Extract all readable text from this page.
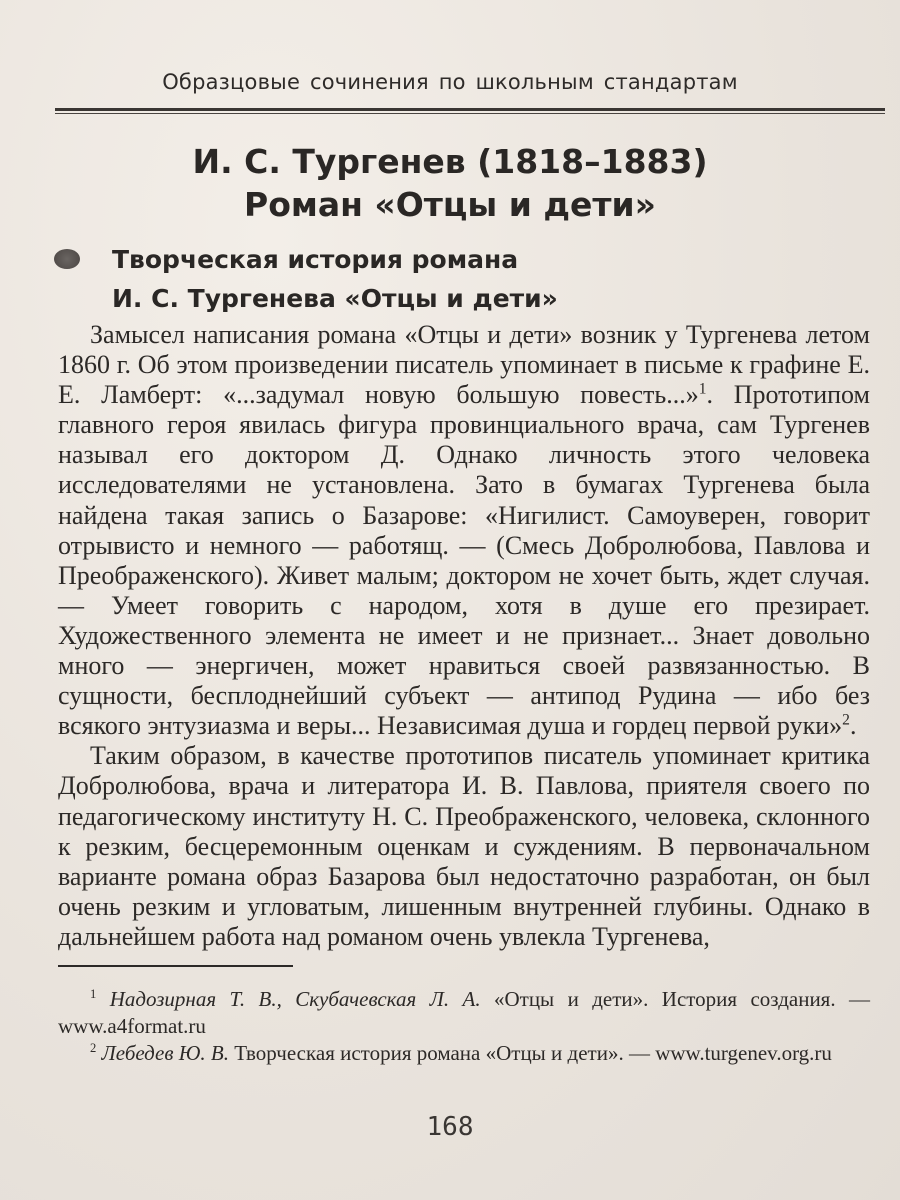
Образцовые сочинения по школьным стандартам
И. С. Тургенев (1818–1883)
Роман «Отцы и дети»
Творческая история романа
И. С. Тургенева «Отцы и дети»

Замысел написания романа «Отцы и дети» возник у Тургенева летом 1860 г. Об этом произведении писатель упоминает в письме к графине Е. Е. Ламберт: «...задумал новую большую повесть...»$^1$. Прототипом главного героя явилась фигура провинциального врача, сам Тургенев называл его доктором Д. Однако личность этого человека исследователями не установлена. Зато в бумагах Тургенева была найдена такая запись о Базарове: «Нигилист. Самоуверен, говорит отрывисто и немного — работящ. — (Смесь Добролюбова, Павлова и Преображенского). Живет малым; доктором не хочет быть, ждет случая. — Умеет говорить с народом, хотя в душе его презирает. Художественного элемента не имеет и не признает... Знает довольно много — энергичен, может нравиться своей развязанностью. В сущности, бесплоднейший субъект — антипод Рудина — ибо без всякого энтузиазма и веры... Независимая душа и гордец первой руки»$^2$.

Таким образом, в качестве прототипов писатель упоминает критика Добролюбова, врача и литератора И. В. Павлова, приятеля своего по педагогическому институту Н. С. Преображенского, человека, склонного к резким, бесцеремонным оценкам и суждениям. В первоначальном варианте романа образ Базарова был недостаточно разработан, он был очень резким и угловатым, лишенным внутренней глубины. Однако в дальнейшем работа над романом очень увлекла Тургенева,

$^1$ Надозирная Т. В., Скубачевская Л. А. «Отцы и дети». История создания. — www.a4format.ru

$^2$ Лебедев Ю. В. Творческая история романа «Отцы и дети». — www.turgenev.org.ru

168
